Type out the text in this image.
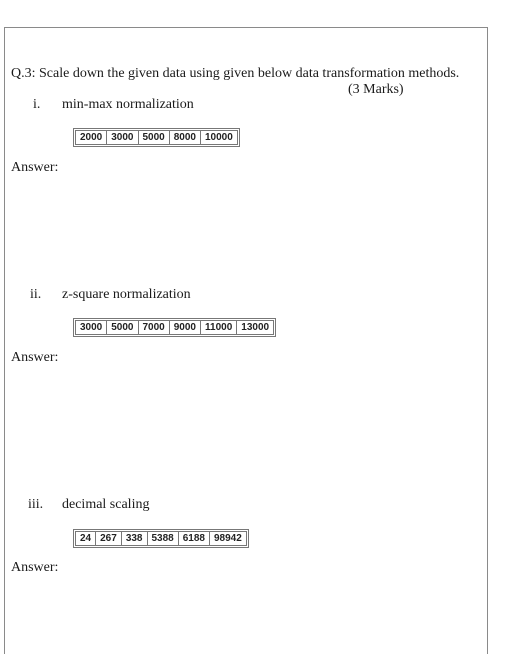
Q.3: Scale down the given data using given below data transformation methods.
(3 Marks)
i. min-max normalization
2000	3000	5000	8000	10000
Answer:
ii. z-square normalization
3000	5000	7000	9000	11000	13000
Answer:
iii. decimal scaling
24	267	338	5388	6188	98942
Answer:
